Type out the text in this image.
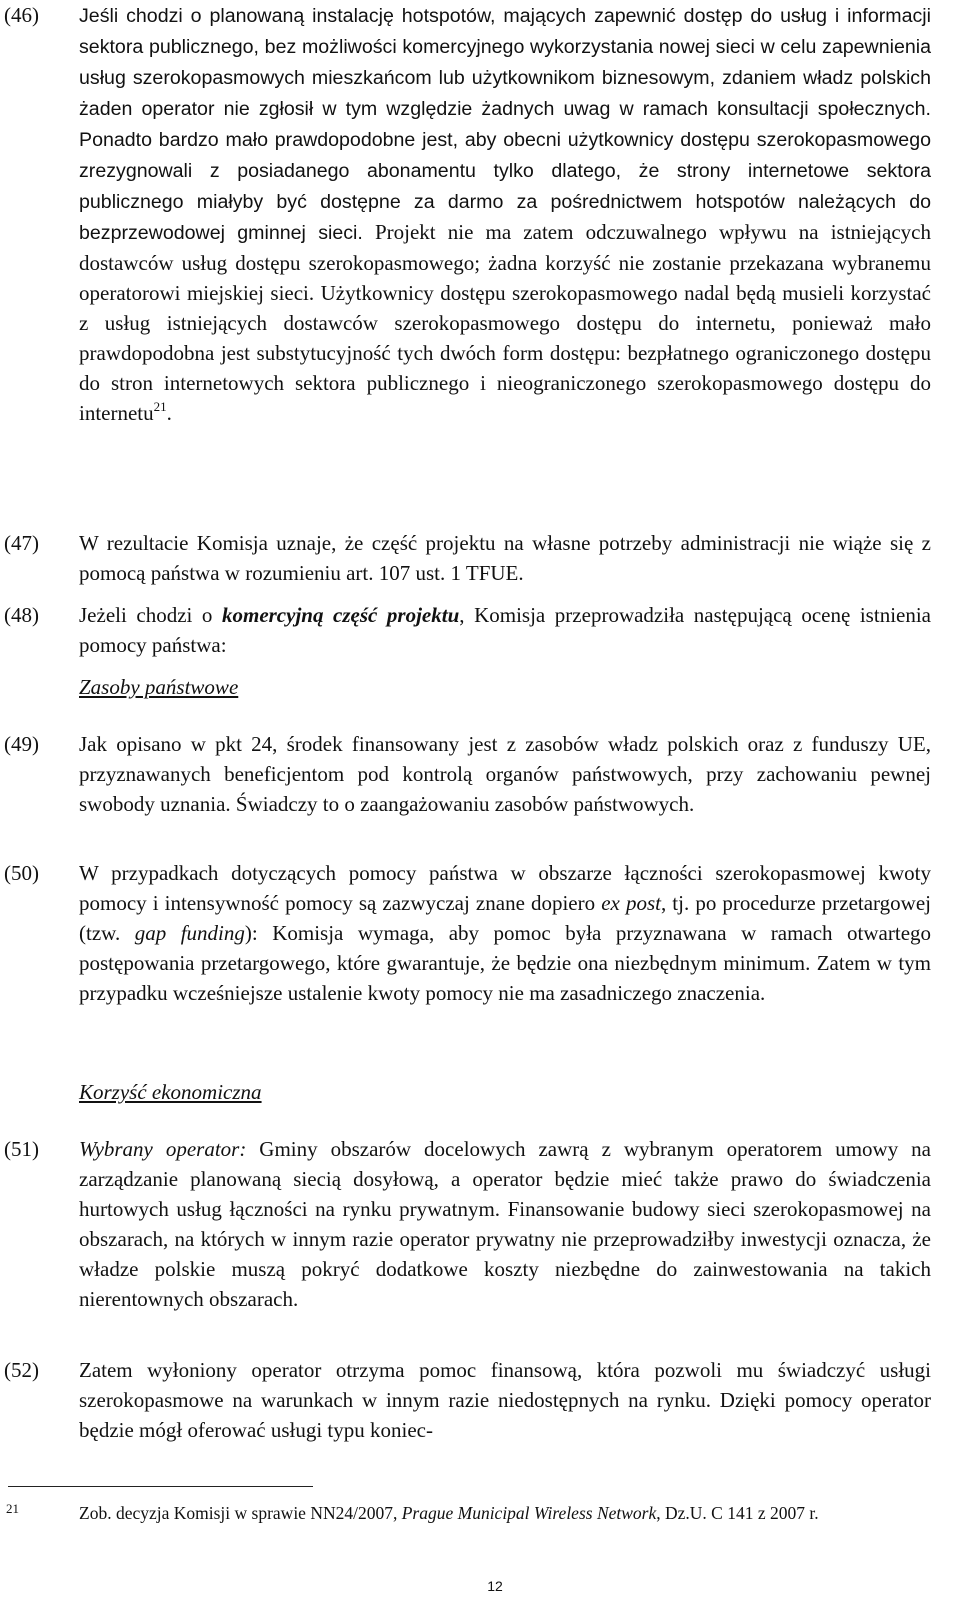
(46) Jeśli chodzi o planowaną instalację hotspotów, mających zapewnić dostęp do usług i informacji sektora publicznego, bez możliwości komercyjnego wykorzystania nowej sieci w celu zapewnienia usług szerokopasmowych mieszkańcom lub użytkownikom biznesowym, zdaniem władz polskich żaden operator nie zgłosił w tym względzie żadnych uwag w ramach konsultacji społecznych. Ponadto bardzo mało prawdopodobne jest, aby obecni użytkownicy dostępu szerokopasmowego zrezygnowali z posiadanego abonamentu tylko dlatego, że strony internetowe sektora publicznego miałyby być dostępne za darmo za pośrednictwem hotspotów należących do bezprzewodowej gminnej sieci. Projekt nie ma zatem odczuwalnego wpływu na istniejących dostawców usług dostępu szerokopasmowego; żadna korzyść nie zostanie przekazana wybranemu operatorowi miejskiej sieci. Użytkownicy dostępu szerokopasmowego nadal będą musieli korzystać z usług istniejących dostawców szerokopasmowego dostępu do internetu, ponieważ mało prawdopodobna jest substytucyjność tych dwóch form dostępu: bezpłatnego ograniczonego dostępu do stron internetowych sektora publicznego i nieograniczonego szerokopasmowego dostępu do internetu$^{21}$.
(47) W rezultacie Komisja uznaje, że część projektu na własne potrzeby administracji nie wiąże się z pomocą państwa w rozumieniu art. 107 ust. 1 TFUE.
(48) Jeżeli chodzi o komercyjną część projektu, Komisja przeprowadziła następującą ocenę istnienia pomocy państwa:
Zasoby państwowe
(49) Jak opisano w pkt 24, środek finansowany jest z zasobów władz polskich oraz z funduszy UE, przyznawanych beneficjentom pod kontrolą organów państwowych, przy zachowaniu pewnej swobody uznania. Świadczy to o zaangażowaniu zasobów państwowych.
(50) W przypadkach dotyczących pomocy państwa w obszarze łączności szerokopasmowej kwoty pomocy i intensywność pomocy są zazwyczaj znane dopiero ex post, tj. po procedurze przetargowej (tzw. gap funding): Komisja wymaga, aby pomoc była przyznawana w ramach otwartego postępowania przetargowego, które gwarantuje, że będzie ona niezbędnym minimum. Zatem w tym przypadku wcześniejsze ustalenie kwoty pomocy nie ma zasadniczego znaczenia.
Korzyść ekonomiczna
(51) Wybrany operator: Gminy obszarów docelowych zawrą z wybranym operatorem umowy na zarządzanie planowaną siecią dosyłową, a operator będzie mieć także prawo do świadczenia hurtowych usług łączności na rynku prywatnym. Finansowanie budowy sieci szerokopasmowej na obszarach, na których w innym razie operator prywatny nie przeprowadziłby inwestycji oznacza, że władze polskie muszą pokryć dodatkowe koszty niezbędne do zainwestowania na takich nierentownych obszarach.
(52) Zatem wyłoniony operator otrzyma pomoc finansową, która pozwoli mu świadczyć usługi szerokopasmowe na warunkach w innym razie niedostępnych na rynku. Dzięki pomocy operator będzie mógł oferować usługi typu koniec-
21	Zob. decyzja Komisji w sprawie NN24/2007, Prague Municipal Wireless Network, Dz.U. C 141 z 2007 r.
12
